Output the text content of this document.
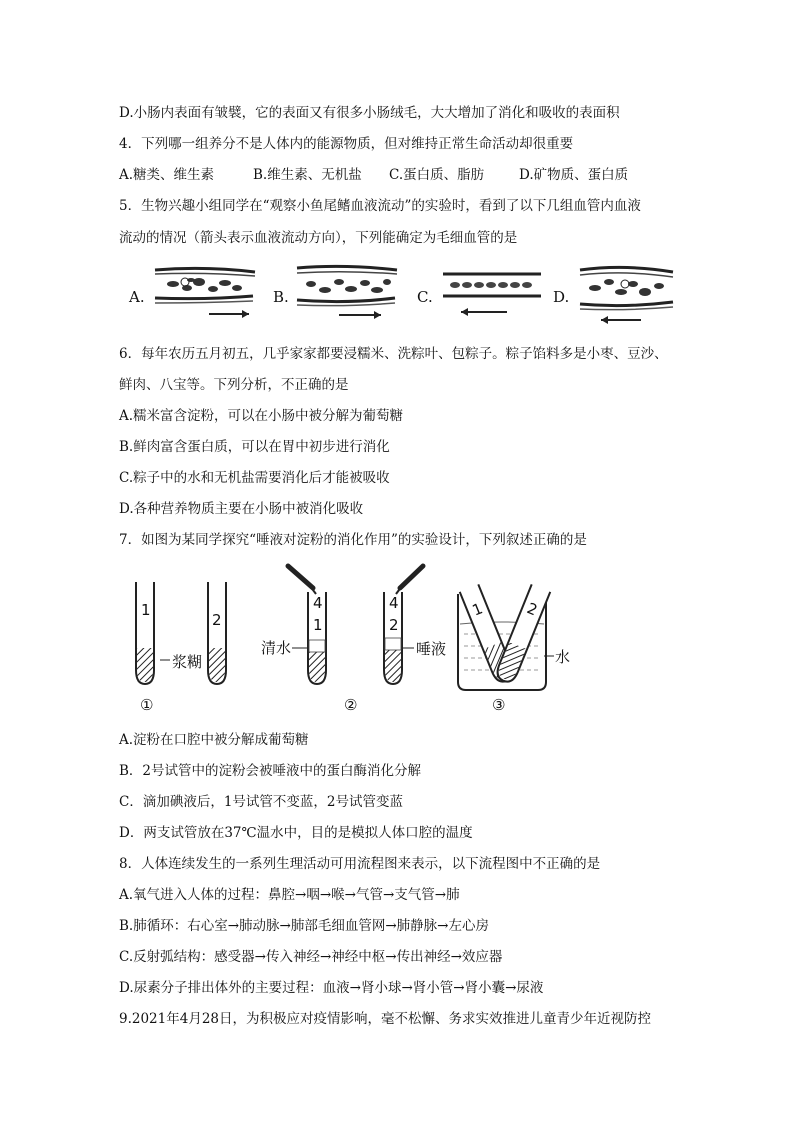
D.小肠内表面有皱襞，它的表面又有很多小肠绒毛，大大增加了消化和吸收的表面积
4．下列哪一组养分不是人体内的能源物质，但对维持正常生命活动却很重要
A.糖类、维生素	B.维生素、无机盐 C.蛋白质、脂肪	D.矿物质、蛋白质
5．生物兴趣小组同学在“观察小鱼尾鳍血液流动”的实验时，看到了以下几组血管内血液
流动的情况（箭头表示血液流动方向），下列能确定为毛细血管的是
A.	B.	C.	D.
6．每年农历五月初五，几乎家家都要浸糯米、洗粽叶、包粽子。粽子馅料多是小枣、豆沙、
鲜肉、八宝等。下列分析，不正确的是
A.糯米富含淀粉，可以在小肠中被分解为葡萄糖
B.鲜肉富含蛋白质，可以在胃中初步进行消化
C.粽子中的水和无机盐需要消化后才能被吸收
D.各种营养物质主要在小肠中被消化吸收
7．如图为某同学探究“唾液对淀粉的消化作用”的实验设计，下列叙述正确的是
1
2
浆糊
①
4
1
清水
4
2
唾液
②
1	2
水
③
A.淀粉在口腔中被分解成葡萄糖
B．2号试管中的淀粉会被唾液中的蛋白酶消化分解
C．滴加碘液后，1号试管不变蓝，2号试管变蓝
D．两支试管放在37℃温水中，目的是模拟人体口腔的温度
8．人体连续发生的一系列生理活动可用流程图来表示，以下流程图中不正确的是
A.氧气进入人体的过程：鼻腔→咽→喉→气管→支气管→肺
B.肺循环：右心室→肺动脉→肺部毛细血管网→肺静脉→左心房
C.反射弧结构：感受器→传入神经→神经中枢→传出神经→效应器
D.尿素分子排出体外的主要过程：血液→肾小球→肾小管→肾小囊→尿液
9.2021年4月28日，为积极应对疫情影响，毫不松懈、务求实效推进儿童青少年近视防控
